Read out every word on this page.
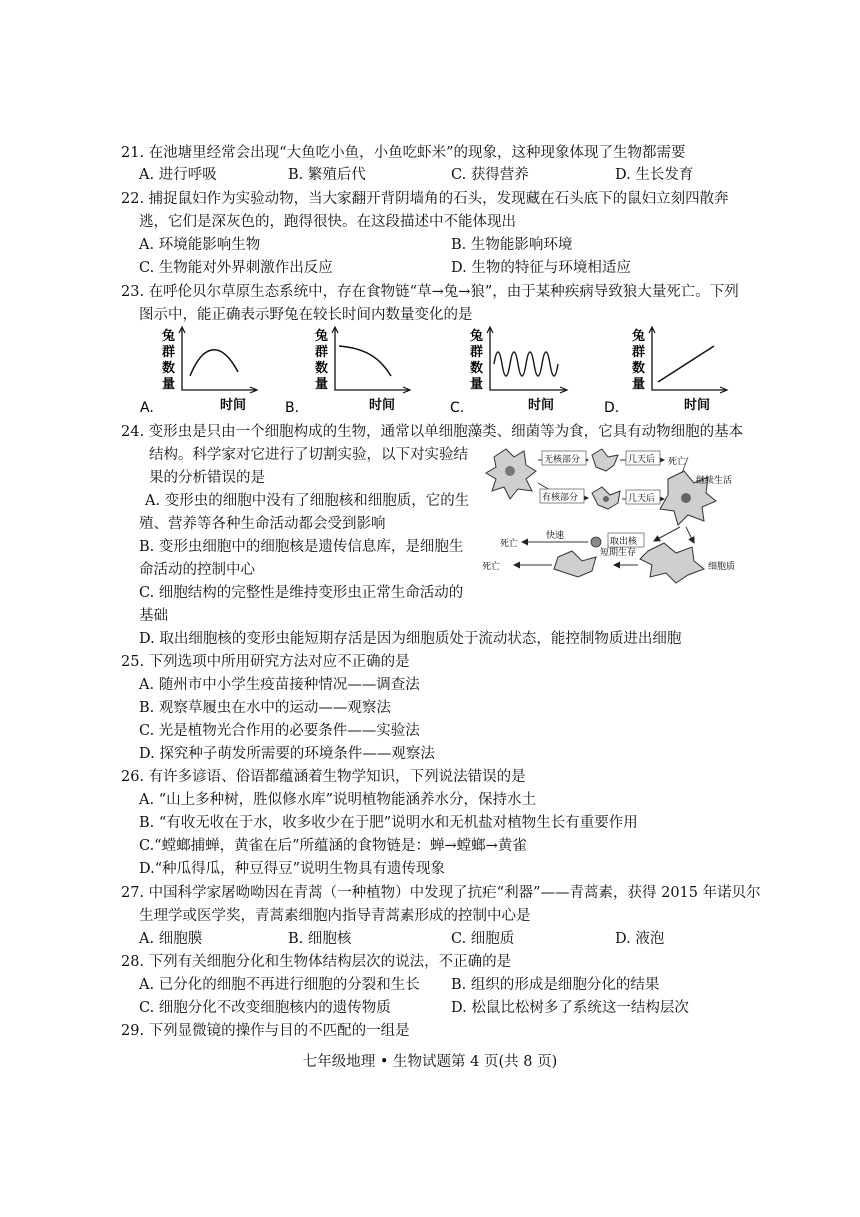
21. 在池塘里经常会出现“大鱼吃小鱼，小鱼吃虾米”的现象，这种现象体现了生物都需要
A. 进行呼吸	B. 繁殖后代	C. 获得营养	D. 生长发育
22. 捕捉鼠妇作为实验动物，当大家翻开背阴墙角的石头，发现藏在石头底下的鼠妇立刻四散奔
逃，它们是深灰色的，跑得很快。在这段描述中不能体现出
A. 环境能影响生物	B. 生物能影响环境
C. 生物能对外界刺激作出反应	D. 生物的特征与环境相适应
23. 在呼伦贝尔草原生态系统中，存在食物链“草→兔→狼”，由于某种疾病导致狼大量死亡。下列
图示中，能正确表示野兔在较长时间内数量变化的是
兔
群
数
量
时间
A.
兔
群
数
量
时间
B.
兔
群
数
量
时间
C.
兔
群
数
量
时间
D.
24. 变形虫是只由一个细胞构成的生物，通常以单细胞藻类、细菌等为食，它具有动物细胞的基本
结构。科学家对它进行了切割实验，以下对实验结
果的分析错误的是
A. 变形虫的细胞中没有了细胞核和细胞质，它的生
殖、营养等各种生命活动都会受到影响
B. 变形虫细胞中的细胞核是遗传信息库，是细胞生
命活动的控制中心
C. 细胞结构的完整性是维持变形虫正常生命活动的
基础
D. 取出细胞核的变形虫能短期存活是因为细胞质处于流动状态，能控制物质进出细胞
无核部分	几天后 死亡
有核部分	几天后
继续生活
取出核
快速
死亡
细胞质
短期生存
死亡
25. 下列选项中所用研究方法对应不正确的是
A. 随州市中小学生疫苗接种情况——调查法
B. 观察草履虫在水中的运动——观察法
C. 光是植物光合作用的必要条件——实验法
D. 探究种子萌发所需要的环境条件——观察法
26. 有许多谚语、俗语都蕴涵着生物学知识，下列说法错误的是
A. “山上多种树，胜似修水库”说明植物能涵养水分，保持水土
B. “有收无收在于水，收多收少在于肥”说明水和无机盐对植物生长有重要作用
C.“螳螂捕蝉，黄雀在后”所蕴涵的食物链是：蝉→螳螂→黄雀
D.“种瓜得瓜，种豆得豆”说明生物具有遗传现象
27. 中国科学家屠呦呦因在青蒿（一种植物）中发现了抗疟“利器”——青蒿素，获得 2015 年诺贝尔
生理学或医学奖，青蒿素细胞内指导青蒿素形成的控制中心是
A. 细胞膜	B. 细胞核	C. 细胞质	D. 液泡
28. 下列有关细胞分化和生物体结构层次的说法，不正确的是
A. 已分化的细胞不再进行细胞的分裂和生长 B. 组织的形成是细胞分化的结果
C. 细胞分化不改变细胞核内的遗传物质	D. 松鼠比松树多了系统这一结构层次
29. 下列显微镜的操作与目的不匹配的一组是
七年级地理 • 生物试题第 4 页(共 8 页)
